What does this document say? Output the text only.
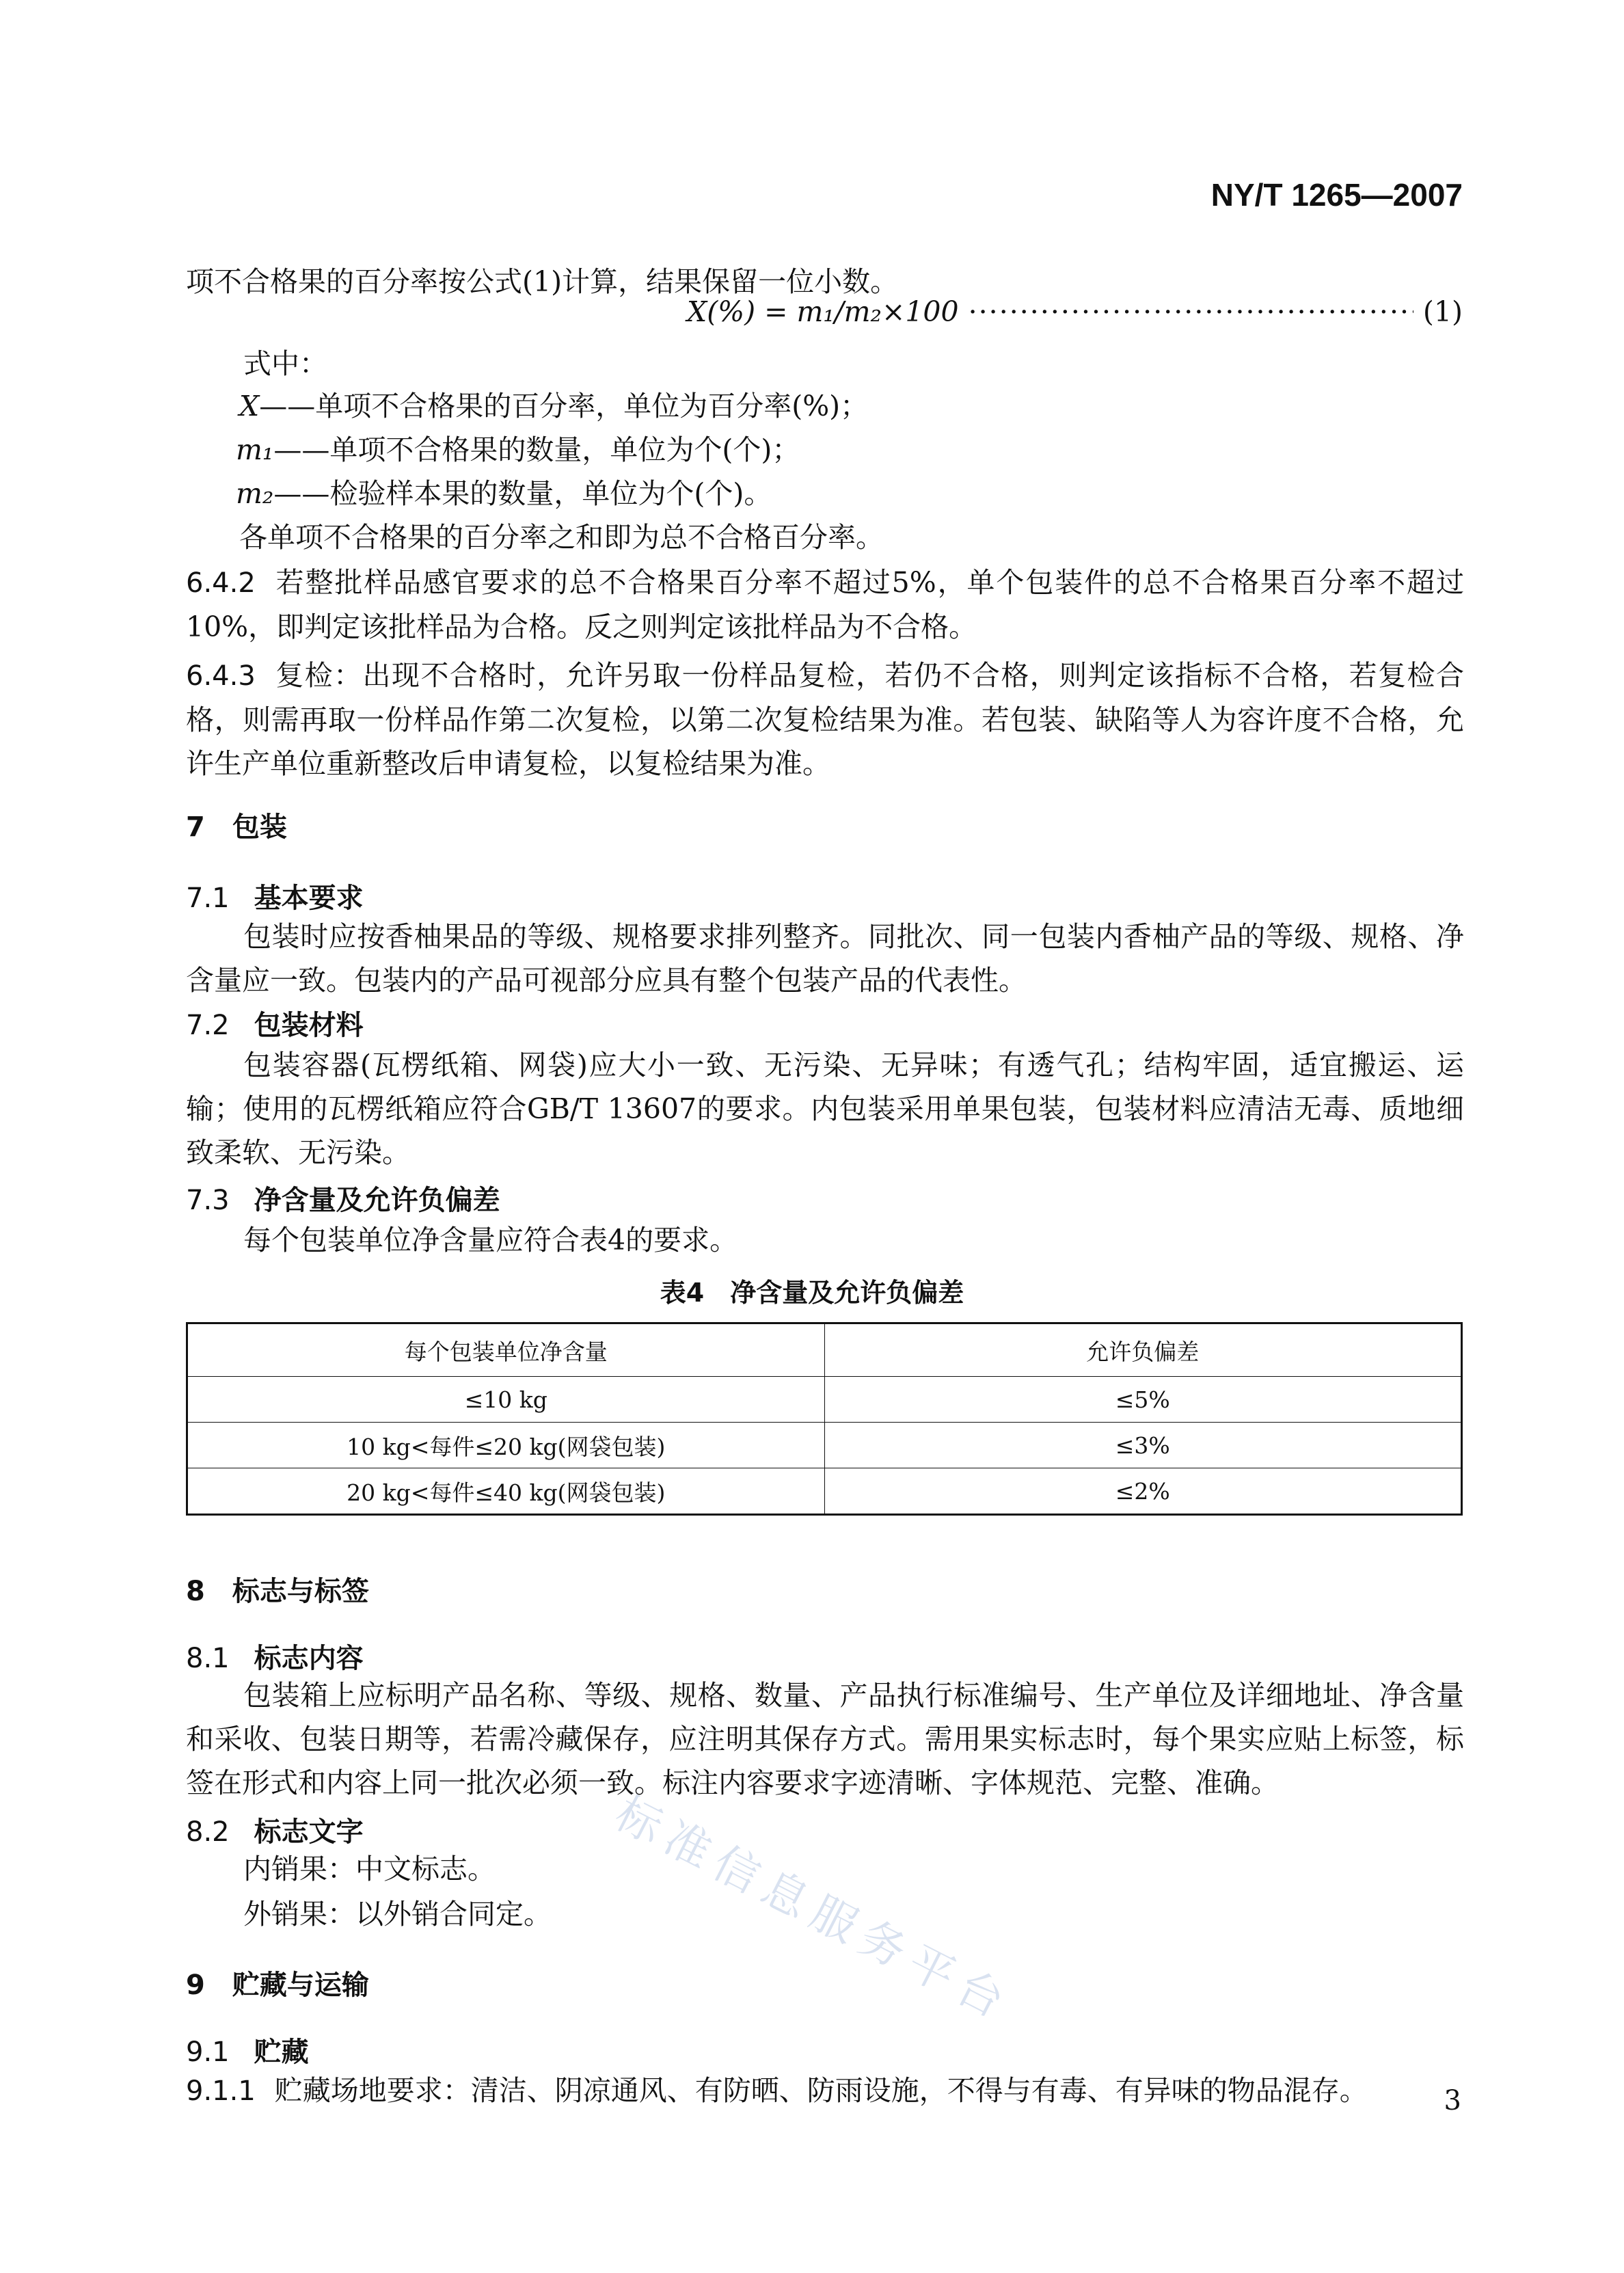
NY/T 1265—2007
项不合格果的百分率按公式(1)计算，结果保留一位小数。
X(%) = m₁/m₂×100 ·····	(1)
式中：
X——单项不合格果的百分率，单位为百分率(%)；
m₁——单项不合格果的数量，单位为个(个)；
m₂——检验样本果的数量，单位为个(个)。
各单项不合格果的百分率之和即为总不合格百分率。
6.4.2 若整批样品感官要求的总不合格果百分率不超过5%，单个包装件的总不合格果百分率不超过10%，即判定该批样品为合格。反之则判定该批样品为不合格。
6.4.3 复检：出现不合格时，允许另取一份样品复检，若仍不合格，则判定该指标不合格，若复检合格，则需再取一份样品作第二次复检，以第二次复检结果为准。若包装、缺陷等人为容许度不合格，允许生产单位重新整改后申请复检，以复检结果为准。
7 包装
7.1 基本要求
包装时应按香柚果品的等级、规格要求排列整齐。同批次、同一包装内香柚产品的等级、规格、净含量应一致。包装内的产品可视部分应具有整个包装产品的代表性。
7.2 包装材料
包装容器(瓦楞纸箱、网袋)应大小一致、无污染、无异味；有透气孔；结构牢固，适宜搬运、运输；使用的瓦楞纸箱应符合GB/T 13607的要求。内包装采用单果包装，包装材料应清洁无毒、质地细致柔软、无污染。
7.3 净含量及允许负偏差
每个包装单位净含量应符合表4的要求。
表4　净含量及允许负偏差
每个包装单位净含量	允许负偏差
≤10 kg	≤5%
10 kg<每件≤20 kg(网袋包装)	≤3%
20 kg<每件≤40 kg(网袋包装)	≤2%
8 标志与标签
8.1 标志内容
包装箱上应标明产品名称、等级、规格、数量、产品执行标准编号、生产单位及详细地址、净含量和采收、包装日期等，若需冷藏保存，应注明其保存方式。需用果实标志时，每个果实应贴上标签，标签在形式和内容上同一批次必须一致。标注内容要求字迹清晰、字体规范、完整、准确。
8.2 标志文字
内销果：中文标志。
外销果：以外销合同定。
9 贮藏与运输
9.1 贮藏
9.1.1 贮藏场地要求：清洁、阴凉通风、有防晒、防雨设施，不得与有毒、有异味的物品混存。
标准信息服务平台
3
